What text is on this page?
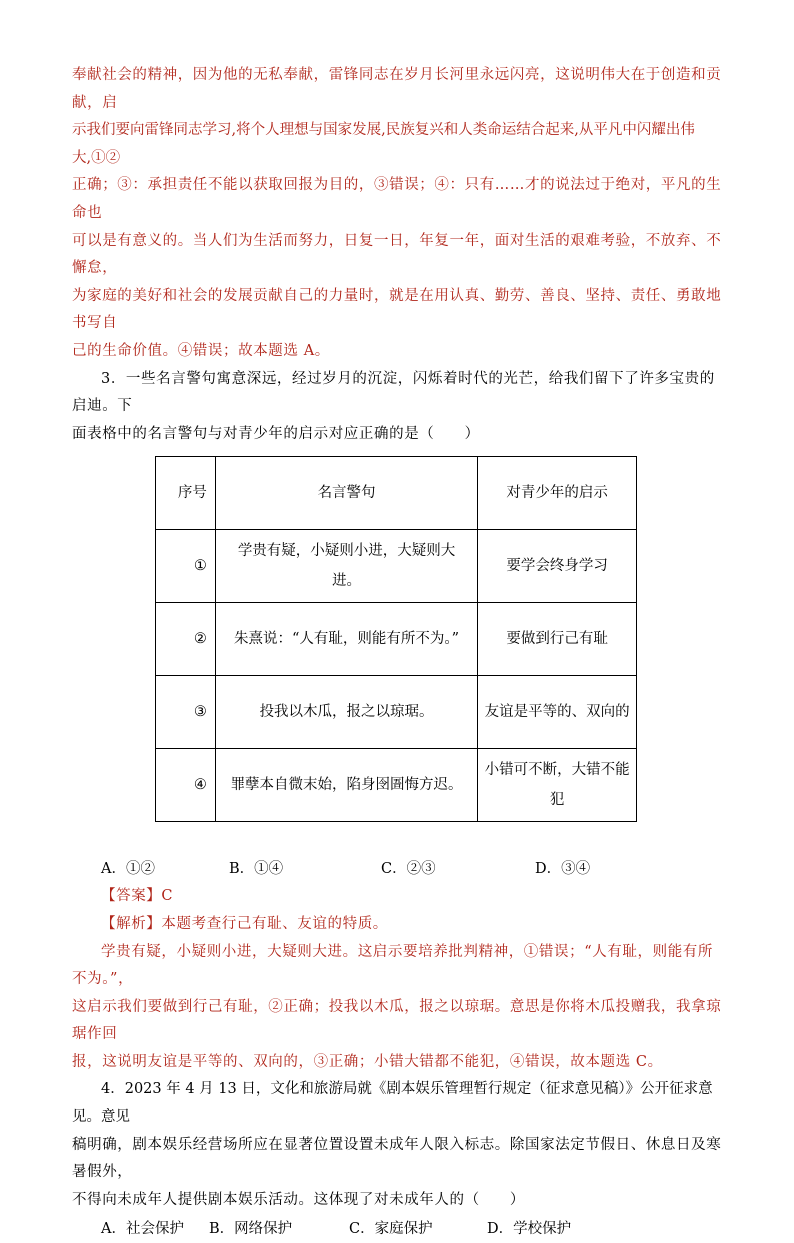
奉献社会的精神，因为他的无私奉献，雷锋同志在岁月长河里永远闪亮，这说明伟大在于创造和贡献，启

示我们要向雷锋同志学习,将个人理想与国家发展,民族复兴和人类命运结合起来,从平凡中闪耀出伟大,①②

正确；③：承担责任不能以获取回报为目的，③错误；④：只有……才的说法过于绝对，平凡的生命也

可以是有意义的。当人们为生活而努力，日复一日，年复一年，面对生活的艰难考验，不放弃、不懈怠，

为家庭的美好和社会的发展贡献自己的力量时，就是在用认真、勤劳、善良、坚持、责任、勇敢地书写自

己的生命价值。④错误；故本题选 A。

3．一些名言警句寓意深远，经过岁月的沉淀，闪烁着时代的光芒，给我们留下了许多宝贵的启迪。下

面表格中的名言警句与对青少年的启示对应正确的是（　　）

序号	名言警句	对青少年的启示
①	学贵有疑，小疑则小进，大疑则大进。	要学会终身学习
②	朱熹说：“人有耻，则能有所不为。”	要做到行己有耻
③	投我以木瓜，报之以琼琚。	友谊是平等的、双向的
④	罪孽本自微末始，陷身囹圄悔方迟。	小错可不断，大错不能犯
A．①②	B．①④	C．②③	D．③④

【答案】C

【解析】本题考查行己有耻、友谊的特质。

学贵有疑，小疑则小进，大疑则大进。这启示要培养批判精神，①错误；“人有耻，则能有所不为。”，

这启示我们要做到行己有耻，②正确；投我以木瓜，报之以琼琚。意思是你将木瓜投赠我，我拿琼琚作回

报，这说明友谊是平等的、双向的，③正确；小错大错都不能犯，④错误，故本题选 C。

4．2023 年 4 月 13 日，文化和旅游局就《剧本娱乐管理暂行规定（征求意见稿）》公开征求意见。意见

稿明确，剧本娱乐经营场所应在显著位置设置未成年人限入标志。除国家法定节假日、休息日及寒暑假外，

不得向未成年人提供剧本娱乐活动。这体现了对未成年人的（　　）

A．社会保护	B．网络保护	C．家庭保护	D．学校保护
